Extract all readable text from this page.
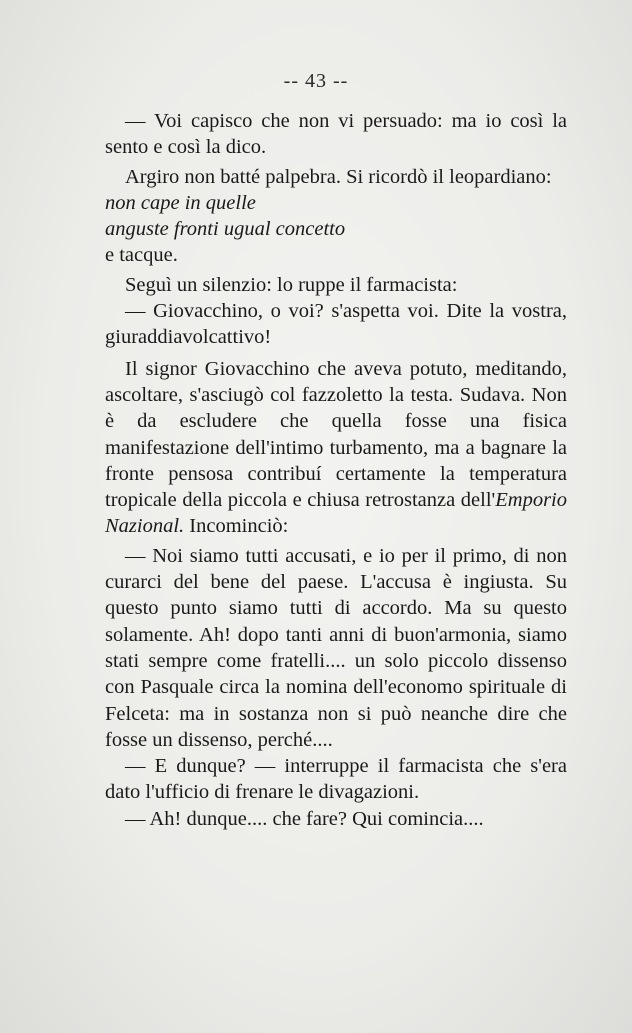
-- 43 --

— Voi capisco che non vi persuado: ma io così la sento e così la dico.

Argiro non batté palpebra. Si ricordò il leopardiano:

non cape in quelle

anguste fronti ugual concetto

e tacque.

Seguì un silenzio: lo ruppe il farmacista:

— Giovacchino, o voi? s'aspetta voi. Dite la vostra, giuraddiavolcattivo!

Il signor Giovacchino che aveva potuto, meditando, ascoltare, s'asciugò col fazzoletto la testa. Sudava. Non è da escludere che quella fosse una fisica manifestazione dell'intimo turbamento, ma a bagnare la fronte pensosa contribuí certamente la temperatura tropicale della piccola e chiusa retrostanza dell'Emporio Nazional. Incominciò:

— Noi siamo tutti accusati, e io per il primo, di non curarci del bene del paese. L'accusa è ingiusta. Su questo punto siamo tutti di accordo. Ma su questo solamente. Ah! dopo tanti anni di buon'armonia, siamo stati sempre come fratelli.... un solo piccolo dissenso con Pasquale circa la nomina dell'economo spirituale di Felceta: ma in sostanza non si può neanche dire che fosse un dissenso, perché....

— E dunque? — interruppe il farmacista che s'era dato l'ufficio di frenare le divagazioni.

— Ah! dunque.... che fare? Qui comincia....
